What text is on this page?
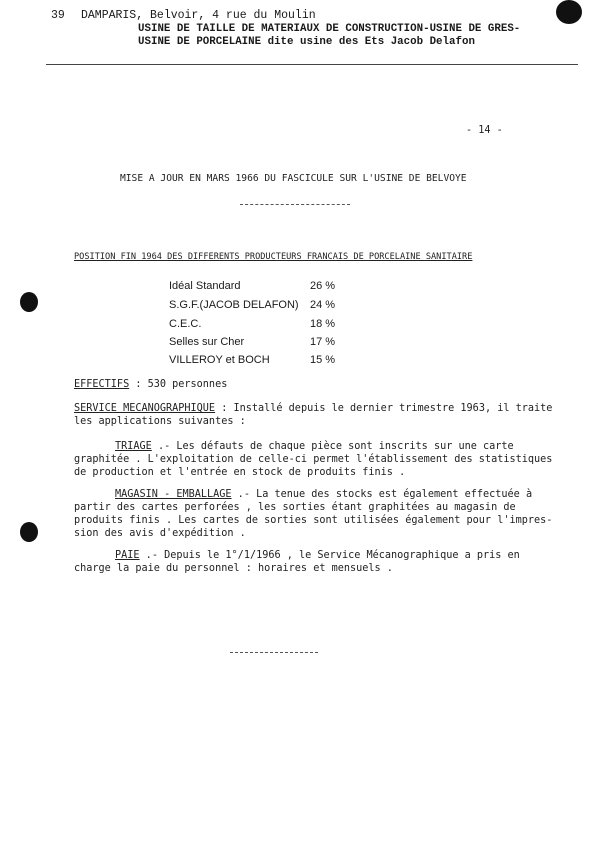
39 DAMPARIS, Belvoir, 4 rue du Moulin
USINE DE TAILLE DE MATERIAUX DE CONSTRUCTION-USINE DE GRES-
USINE DE PORCELAINE dite usine des Ets Jacob Delafon
- 14 -
MISE A JOUR EN MARS 1966 DU FASCICULE SUR L'USINE DE BELVOYE
POSITION FIN 1964 DES DIFFERENTS PRODUCTEURS FRANCAIS DE PORCELAINE SANITAIRE
Idéal Standard	26 %
S.G.F.(JACOB DELAFON) 24 %
C.E.C.	18 %
Selles sur Cher	17 %
VILLEROY et BOCH	15 %
EFFECTIFS : 530 personnes
SERVICE MECANOGRAPHIQUE : Installé depuis le dernier trimestre 1963, il traite
les applications suivantes :
TRIAGE .- Les défauts de chaque pièce sont inscrits sur une carte
graphitée . L'exploitation de celle-ci permet l'établissement des statistiques
de production et l'entrée en stock de produits finis .
MAGASIN - EMBALLAGE .- La tenue des stocks est également effectuée à
partir des cartes perforées , les sorties étant graphitées au magasin de
produits finis . Les cartes de sorties sont utilisées également pour l'impres-
sion des avis d'expédition .
PAIE .- Depuis le 1°/1/1966 , le Service Mécanographique a pris en
charge la paie du personnel : horaires et mensuels .
